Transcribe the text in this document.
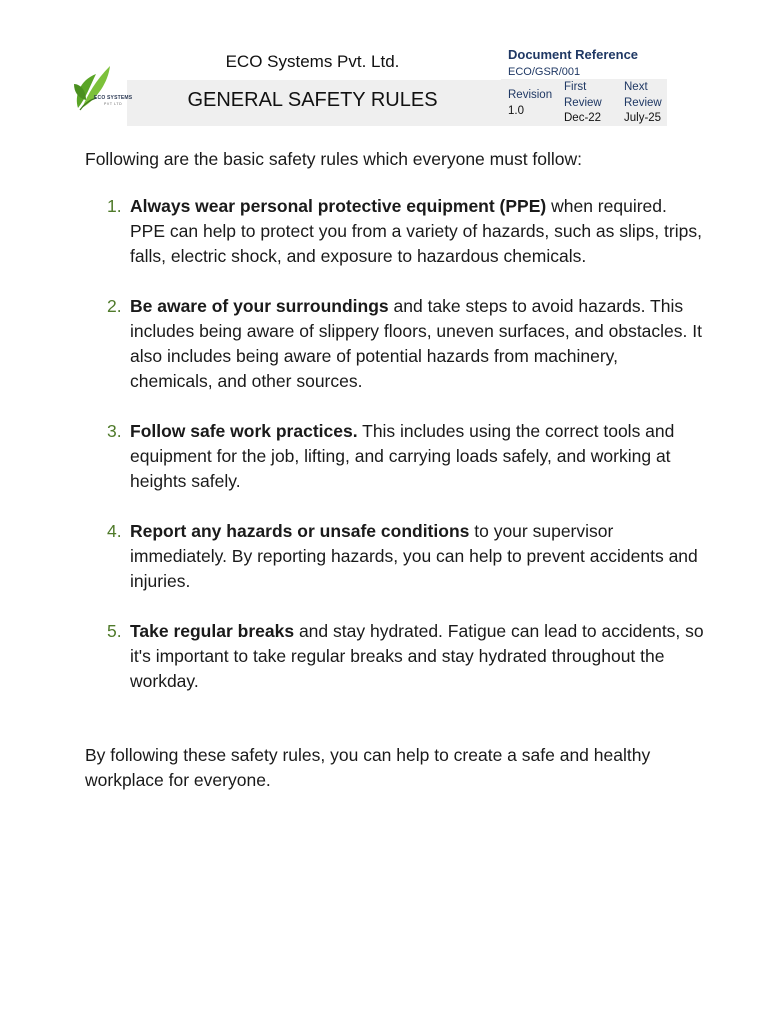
ECO SYSTEMS
PVT LTD
ECO Systems Pvt. Ltd.
GENERAL SAFETY RULES
Document Reference
ECO/GSR/001
Revision
1.0
First
Review
Dec-22
Next
Review
July-25
Following are the basic safety rules which everyone must follow:
1. Always wear personal protective equipment (PPE) when required. PPE can help to protect you from a variety of hazards, such as slips, trips, falls, electric shock, and exposure to hazardous chemicals.
2. Be aware of your surroundings and take steps to avoid hazards. This includes being aware of slippery floors, uneven surfaces, and obstacles. It also includes being aware of potential hazards from machinery, chemicals, and other sources.
3. Follow safe work practices. This includes using the correct tools and equipment for the job, lifting, and carrying loads safely, and working at heights safely.
4. Report any hazards or unsafe conditions to your supervisor immediately. By reporting hazards, you can help to prevent accidents and injuries.
5. Take regular breaks and stay hydrated. Fatigue can lead to accidents, so it's important to take regular breaks and stay hydrated throughout the workday.
By following these safety rules, you can help to create a safe and healthy workplace for everyone.
